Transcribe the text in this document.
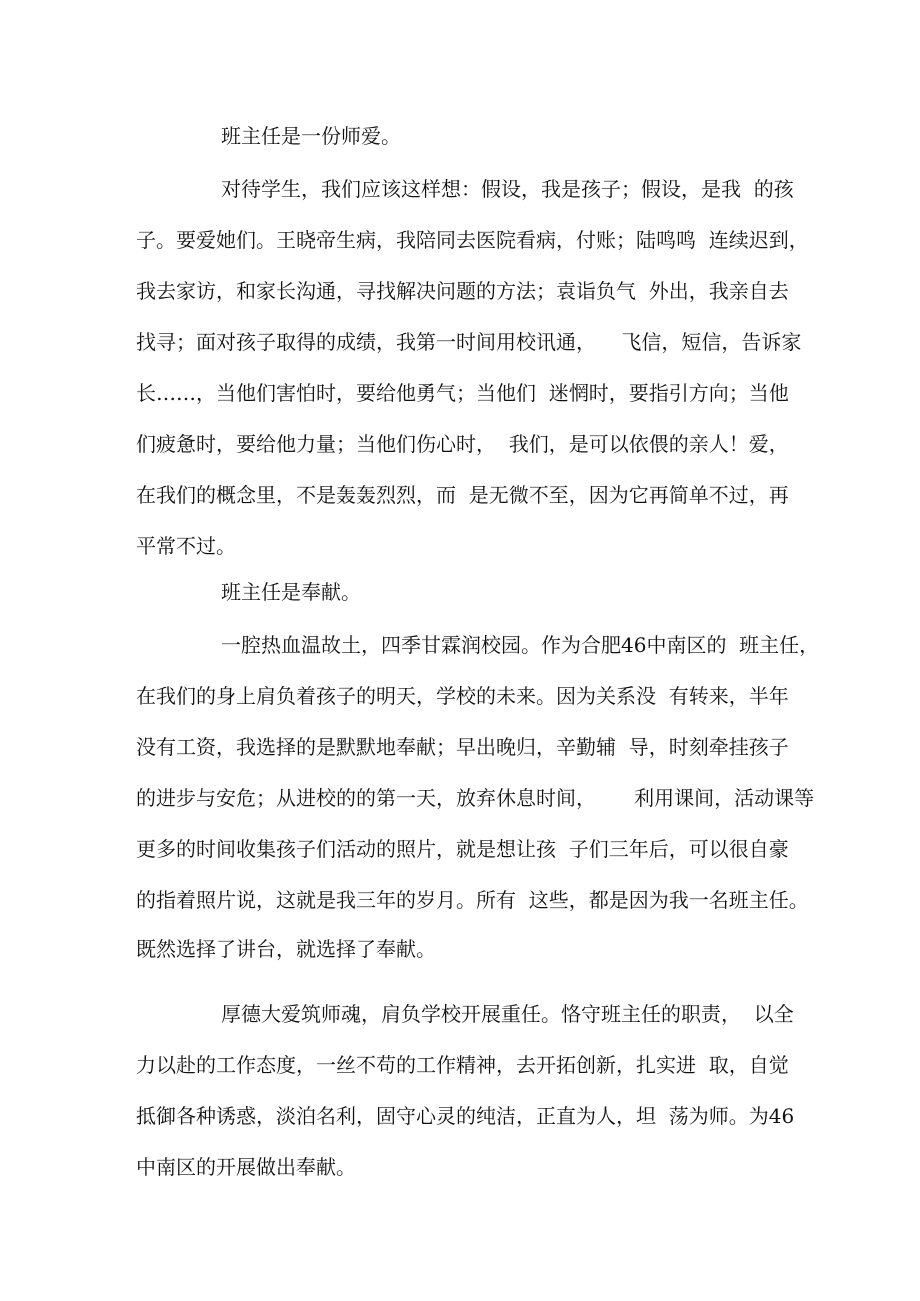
班主任是一份师爱。
对待学生，我们应该这样想：假设，我是孩子；假设，是我  的孩
子。要爱她们。王晓帝生病，我陪同去医院看病，付账；陆鸣鸣  连续迟到，
我去家访，和家长沟通，寻找解决问题的方法；袁诣负气  外出，我亲自去
找寻；面对孩子取得的成绩，我第一时间用校讯通，    飞信，短信，告诉家
长……，当他们害怕时，要给他勇气；当他们  迷惘时，要指引方向；当他
们疲惫时，要给他力量；当他们伤心时，  我们，是可以依偎的亲人！爱，
在我们的概念里，不是轰轰烈烈，而  是无微不至，因为它再简单不过，再
平常不过。
班主任是奉献。
一腔热血温故土，四季甘霖润校园。作为合肥46中南区的  班主任，
在我们的身上肩负着孩子的明天，学校的未来。因为关系没  有转来，半年
没有工资，我选择的是默默地奉献；早出晚归，辛勤辅  导，时刻牵挂孩子
的进步与安危；从进校的的第一天，放弃休息时间，      利用课间，活动课等
更多的时间收集孩子们活动的照片，就是想让孩  子们三年后，可以很自豪
的指着照片说，这就是我三年的岁月。所有  这些，都是因为我一名班主任。
既然选择了讲台，就选择了奉献。
厚德大爱筑师魂，肩负学校开展重任。恪守班主任的职责，  以全
力以赴的工作态度，一丝不苟的工作精神，去开拓创新，扎实进  取，自觉
抵御各种诱惑，淡泊名利，固守心灵的纯洁，正直为人，坦  荡为师。为46
中南区的开展做出奉献。
